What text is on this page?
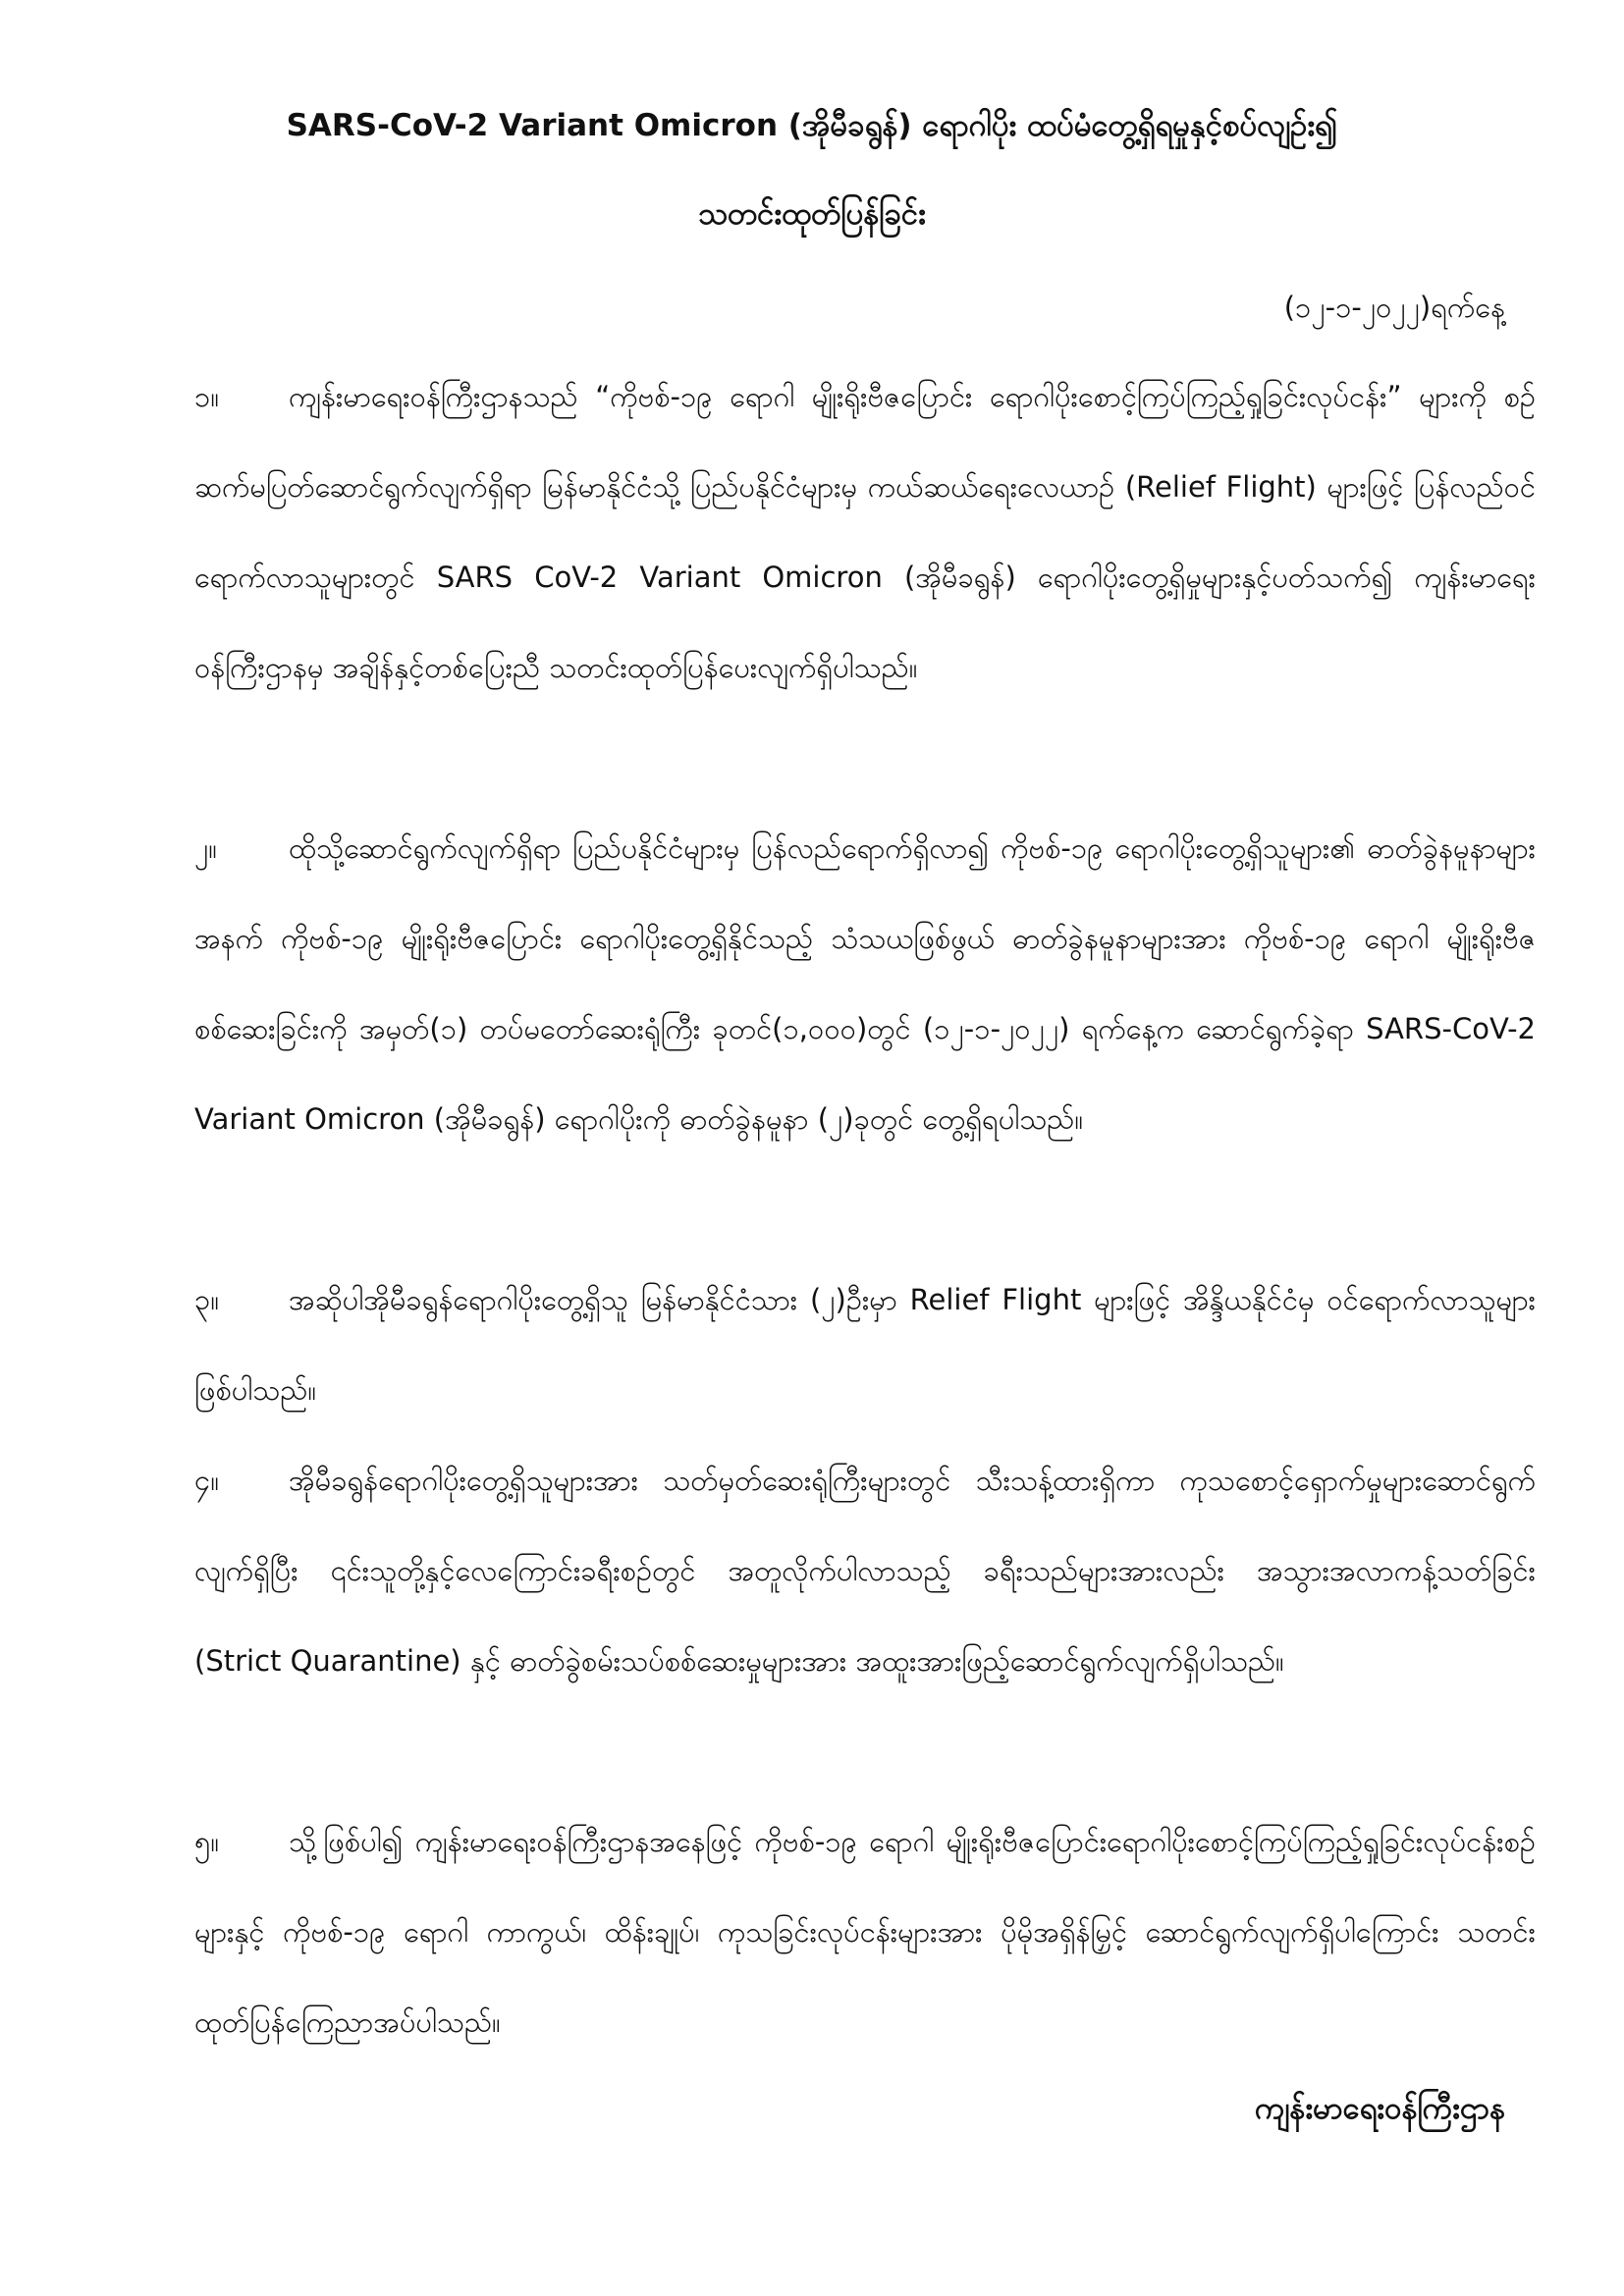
SARS-CoV-2 Variant Omicron (အိုမီခရွန်) ရောဂါပိုး ထပ်မံတွေ့ရှိရမှုနှင့်စပ်လျဉ်း၍
သတင်းထုတ်ပြန်ခြင်း
(၁၂-၁-၂၀၂၂)ရက်နေ့

၁။ ကျန်းမာရေးဝန်ကြီးဌာနသည် “ကိုဗစ်-၁၉ ရောဂါ မျိုးရိုးဗီဇပြောင်း ရောဂါပိုးစောင့်ကြပ်ကြည့်ရှုခြင်းလုပ်ငန်း” များကို စဉ်ဆက်မပြတ်ဆောင်ရွက်လျက်ရှိရာ မြန်မာနိုင်ငံသို့ ပြည်ပနိုင်ငံများမှ ကယ်ဆယ်ရေးလေယာဉ် (Relief Flight) များဖြင့် ပြန်လည်ဝင်ရောက်လာသူများတွင် SARS CoV-2 Variant Omicron (အိုမီခရွန်) ရောဂါပိုးတွေ့ရှိမှုများနှင့်ပတ်သက်၍ ကျန်းမာရေးဝန်ကြီးဌာနမှ အချိန်နှင့်တစ်ပြေးညီ သတင်းထုတ်ပြန်ပေးလျက်ရှိပါသည်။

၂။	ထိုသို့ဆောင်ရွက်လျက်ရှိရာ ပြည်ပနိုင်ငံများမှ ပြန်လည်ရောက်ရှိလာ၍ ကိုဗစ်-၁၉ ရောဂါပိုးတွေ့ရှိသူများ၏ ဓာတ်ခွဲနမူနာများအနက် ကိုဗစ်-၁၉ မျိုးရိုးဗီဇပြောင်း ရောဂါပိုးတွေ့ရှိနိုင်သည့် သံသယဖြစ်ဖွယ် ဓာတ်ခွဲနမူနာများအား ကိုဗစ်-၁၉ ရောဂါ မျိုးရိုးဗီဇ စစ်ဆေးခြင်းကို အမှတ်(၁) တပ်မတော်ဆေးရုံကြီး ခုတင်(၁,၀၀၀)တွင် (၁၂-၁-၂၀၂၂) ရက်နေ့က ဆောင်ရွက်ခဲ့ရာ SARS-CoV-2 Variant Omicron (အိုမီခရွန်) ရောဂါပိုးကို ဓာတ်ခွဲနမူနာ (၂)ခုတွင် တွေ့ရှိရပါသည်။

၃။ အဆိုပါအိုမီခရွန်ရောဂါပိုးတွေ့ရှိသူ မြန်မာနိုင်ငံသား (၂)ဦးမှာ Relief Flight များဖြင့် အိန္ဒိယနိုင်ငံမှ ဝင်ရောက်လာသူများဖြစ်ပါသည်။

၄။ အိုမီခရွန်ရောဂါပိုးတွေ့ရှိသူများအား သတ်မှတ်ဆေးရုံကြီးများတွင် သီးသန့်ထားရှိကာ ကုသစောင့်ရှောက်မှုများဆောင်ရွက်လျက်ရှိပြီး ၎င်းသူတို့နှင့်လေကြောင်းခရီးစဉ်တွင် အတူလိုက်ပါလာသည့် ခရီးသည်များအားလည်း အသွားအလာကန့်သတ်ခြင်း (Strict Quarantine) နှင့် ဓာတ်ခွဲစမ်းသပ်စစ်ဆေးမှုများအား အထူးအားဖြည့်ဆောင်ရွက်လျက်ရှိပါသည်။

၅။ သို့ဖြစ်ပါ၍ ကျန်းမာရေးဝန်ကြီးဌာနအနေဖြင့် ကိုဗစ်-၁၉ ရောဂါ မျိုးရိုးဗီဇပြောင်းရောဂါပိုးစောင့်ကြပ်ကြည့်ရှုခြင်းလုပ်ငန်းစဉ်များနှင့် ကိုဗစ်-၁၉ ရောဂါ ကာကွယ်၊ ထိန်းချုပ်၊ ကုသခြင်းလုပ်ငန်းများအား ပိုမိုအရှိန်မြှင့် ဆောင်ရွက်လျက်ရှိပါကြောင်း သတင်းထုတ်ပြန်ကြေညာအပ်ပါသည်။

ကျန်းမာရေးဝန်ကြီးဌာန
